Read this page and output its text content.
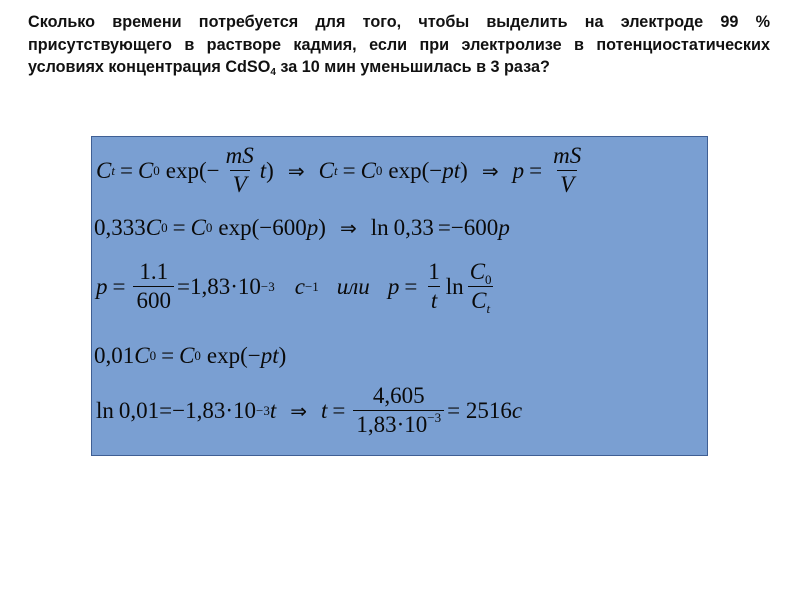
Сколько времени потребуется для того, чтобы выделить на электроде 99 %
присутствующего в растворе кадмия, если при электролизе в потенциостатических
условиях концентрация CdSO$_4$ за 10 мин уменьшилась в 3 раза?
C t = C 0 exp (− $\frac{mS}{V}$ t ) ⇒ C t = C 0 exp (− pt ) ⇒ $p = \frac{mS}{V}$
0,333 C 0 = C 0 exp (−600 p ) ⇒ ln 0,33 =−600 p
$p = \frac{1.1}{600} =1,83\cdot 10 -3$ c −1 или $p = \frac{1}{t}$ $\ln \frac{C_0}{C_t}$
0,01 C 0 = C 0 exp (− pt )
ln 0,01 =−1,83·10 −3 t ⇒ $t = \frac{4,605}{1,83\cdot 10^{-3}} = 2516$ c
